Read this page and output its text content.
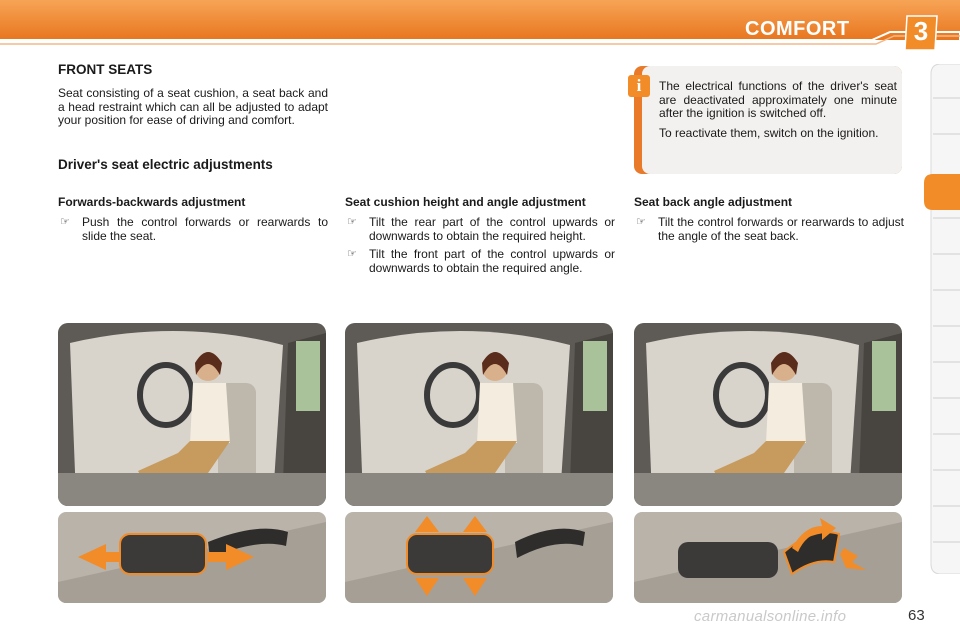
COMFORT	3
FRONT SEATS

Seat consisting of a seat cushion, a seat back and a head restraint which can all be adjusted to adapt your position for ease of driving and comfort.

Driver's seat electric adjustments
i	The electrical functions of the driver's seat are deactivated approximately one minute after the ignition is switched off.

To reactivate them, switch on the ignition.

Forwards-backwards adjustment
☞ Push the control forwards or rearwards to slide the seat.
Seat cushion height and angle adjustment
☞ Tilt the rear part of the control upwards or downwards to obtain the required height.
☞ Tilt the front part of the control upwards or downwards to obtain the required angle.
Seat back angle adjustment
☞ Tilt the control forwards or rearwards to adjust the angle of the seat back.
63
carmanualsonline.info
